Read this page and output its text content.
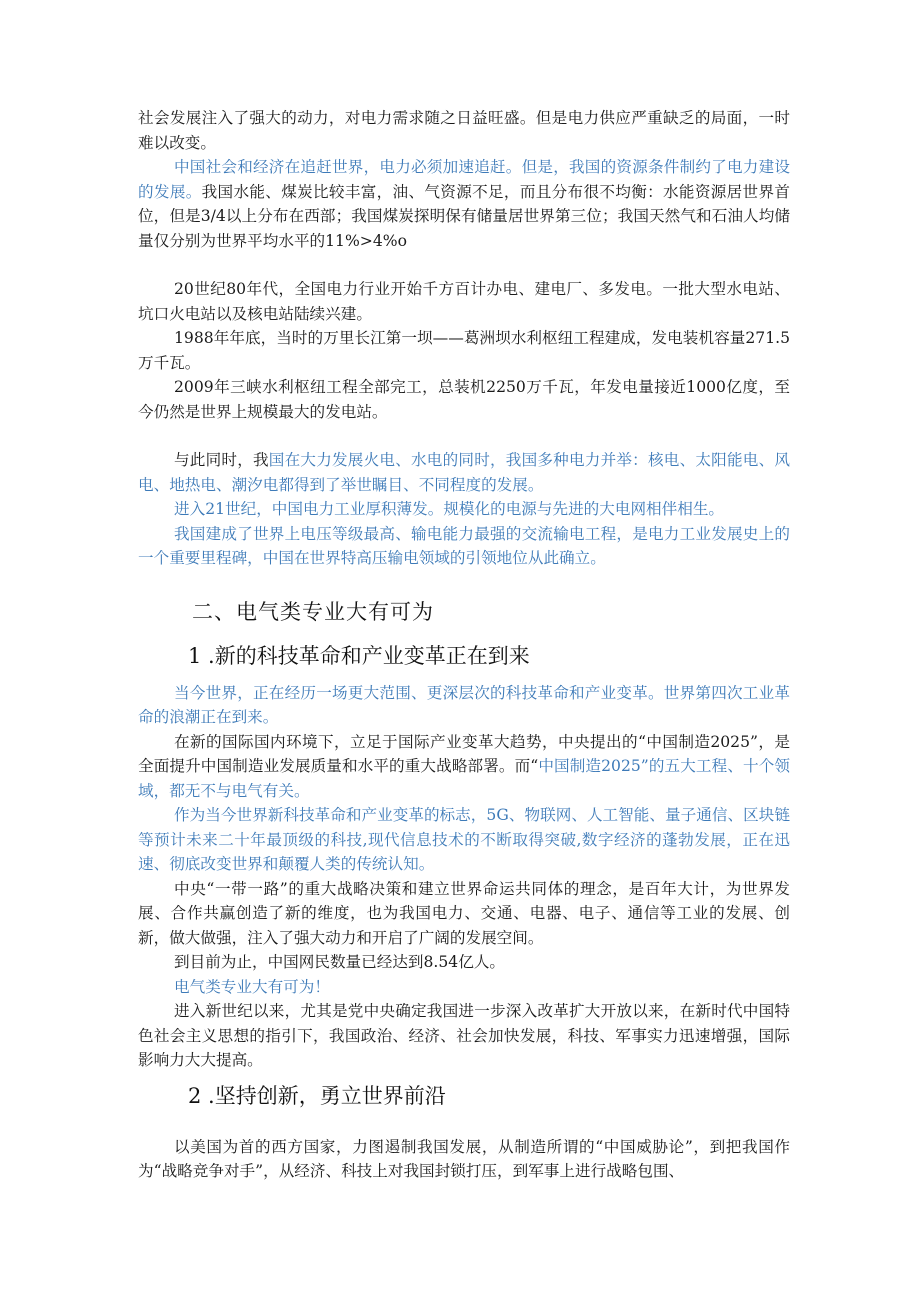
社会发展注入了强大的动力，对电力需求随之日益旺盛。但是电力供应严重缺乏的局面，一时难以改变。

中国社会和经济在追赶世界，电力必须加速追赶。但是，我国的资源条件制约了电力建设的发展。我国水能、煤炭比较丰富，油、气资源不足，而且分布很不均衡：水能资源居世界首位，但是3/4以上分布在西部；我国煤炭探明保有储量居世界第三位；我国天然气和石油人均储量仅分别为世界平均水平的11%>4%o

20世纪80年代，全国电力行业开始千方百计办电、建电厂、多发电。一批大型水电站、坑口火电站以及核电站陆续兴建。

1988年年底，当时的万里长江第一坝——葛洲坝水利枢纽工程建成，发电装机容量271.5万千瓦。

2009年三峡水利枢纽工程全部完工，总装机2250万千瓦，年发电量接近1000亿度，至今仍然是世界上规模最大的发电站。

与此同时，我国在大力发展火电、水电的同时，我国多种电力并举：核电、太阳能电、风电、地热电、潮汐电都得到了举世瞩目、不同程度的发展。

进入21世纪，中国电力工业厚积薄发。规模化的电源与先进的大电网相伴相生。

我国建成了世界上电压等级最高、输电能力最强的交流输电工程，是电力工业发展史上的一个重要里程碑，中国在世界特高压输电领域的引领地位从此确立。

二、电气类专业大有可为
1 .新的科技革命和产业变革正在到来

当今世界，正在经历一场更大范围、更深层次的科技革命和产业变革。世界第四次工业革命的浪潮正在到来。

在新的国际国内环境下，立足于国际产业变革大趋势，中央提出的“中国制造2025”，是全面提升中国制造业发展质量和水平的重大战略部署。而“中国制造2025”的五大工程、十个领域，都无不与电气有关。

作为当今世界新科技革命和产业变革的标志，5G、物联网、人工智能、量子通信、区块链等预计未来二十年最顶级的科技,现代信息技术的不断取得突破,数字经济的蓬勃发展，正在迅速、彻底改变世界和颠覆人类的传统认知。

中央“一带一路”的重大战略决策和建立世界命运共同体的理念，是百年大计，为世界发展、合作共赢创造了新的维度，也为我国电力、交通、电器、电子、通信等工业的发展、创新，做大做强，注入了强大动力和开启了广阔的发展空间。

到目前为止，中国网民数量已经达到8.54亿人。

电气类专业大有可为！

进入新世纪以来，尤其是党中央确定我国进一步深入改革扩大开放以来，在新时代中国特色社会主义思想的指引下，我国政治、经济、社会加快发展，科技、军事实力迅速增强，国际影响力大大提高。

2 .坚持创新，勇立世界前沿

以美国为首的西方国家，力图遏制我国发展，从制造所谓的“中国威胁论”，到把我国作为“战略竞争对手”，从经济、科技上对我国封锁打压，到军事上进行战略包围、
